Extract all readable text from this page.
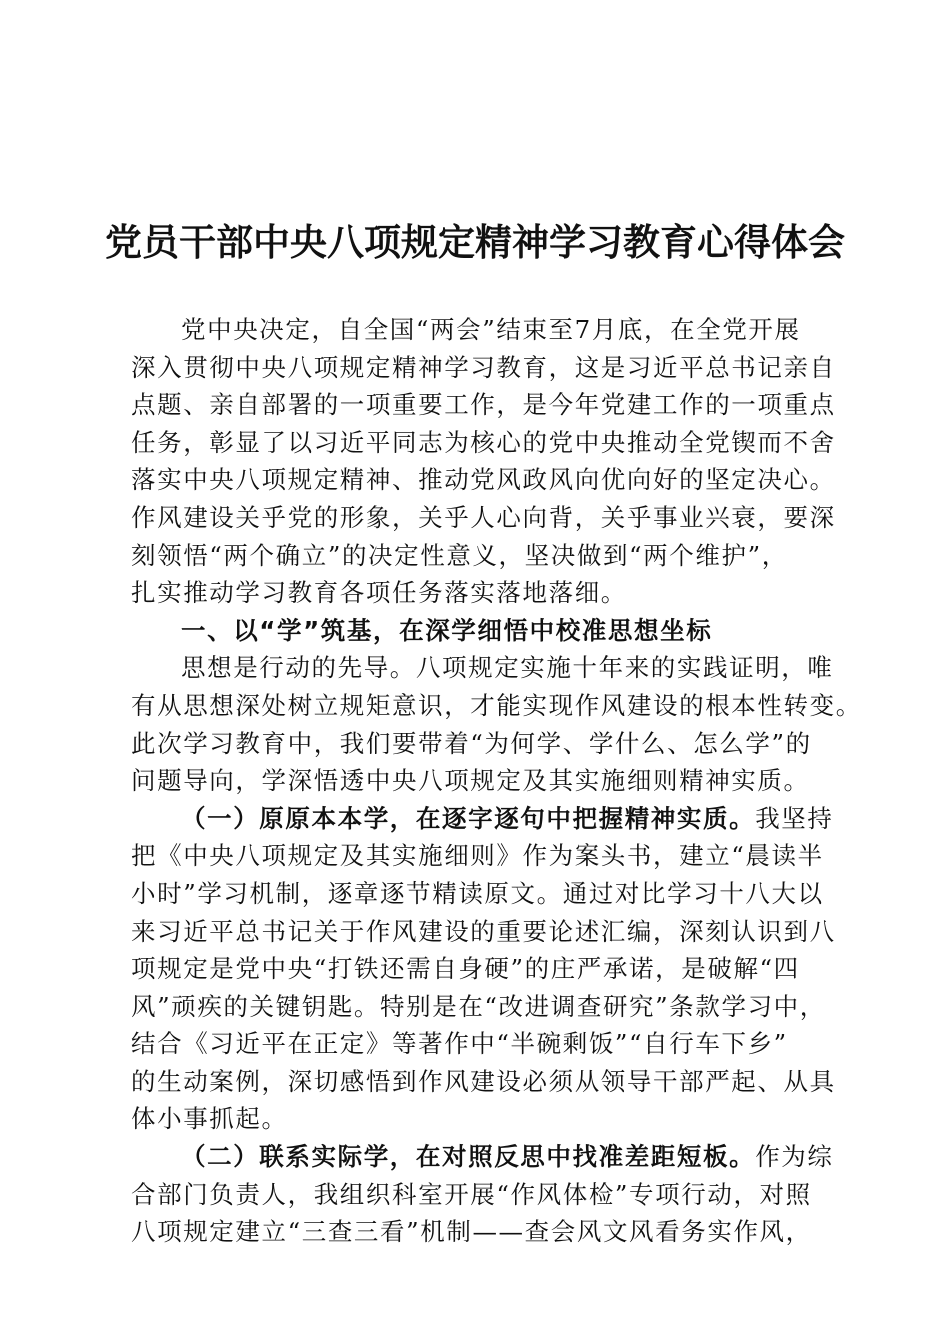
党员干部中央八项规定精神学习教育心得体会
党中央决定，自全国“两会”结束至7月底，在全党开展
深入贯彻中央八项规定精神学习教育，这是习近平总书记亲自
点题、亲自部署的一项重要工作，是今年党建工作的一项重点
任务，彰显了以习近平同志为核心的党中央推动全党锲而不舍
落实中央八项规定精神、推动党风政风向优向好的坚定决心。
作风建设关乎党的形象，关乎人心向背，关乎事业兴衰，要深
刻领悟“两个确立”的决定性意义，坚决做到“两个维护”，
扎实推动学习教育各项任务落实落地落细。
一、以“学”筑基，在深学细悟中校准思想坐标
思想是行动的先导。八项规定实施十年来的实践证明，唯
有从思想深处树立规矩意识，才能实现作风建设的根本性转变。
此次学习教育中，我们要带着“为何学、学什么、怎么学”的
问题导向，学深悟透中央八项规定及其实施细则精神实质。
（一）原原本本学，在逐字逐句中把握精神实质。我坚持
把《中央八项规定及其实施细则》作为案头书，建立“晨读半
小时”学习机制，逐章逐节精读原文。通过对比学习十八大以
来习近平总书记关于作风建设的重要论述汇编，深刻认识到八
项规定是党中央“打铁还需自身硬”的庄严承诺，是破解“四
风”顽疾的关键钥匙。特别是在“改进调查研究”条款学习中，
结合《习近平在正定》等著作中“半碗剩饭”“自行车下乡”
的生动案例，深切感悟到作风建设必须从领导干部严起、从具
体小事抓起。
（二）联系实际学，在对照反思中找准差距短板。作为综
合部门负责人，我组织科室开展“作风体检”专项行动，对照
八项规定建立“三查三看”机制——查会风文风看务实作风，
